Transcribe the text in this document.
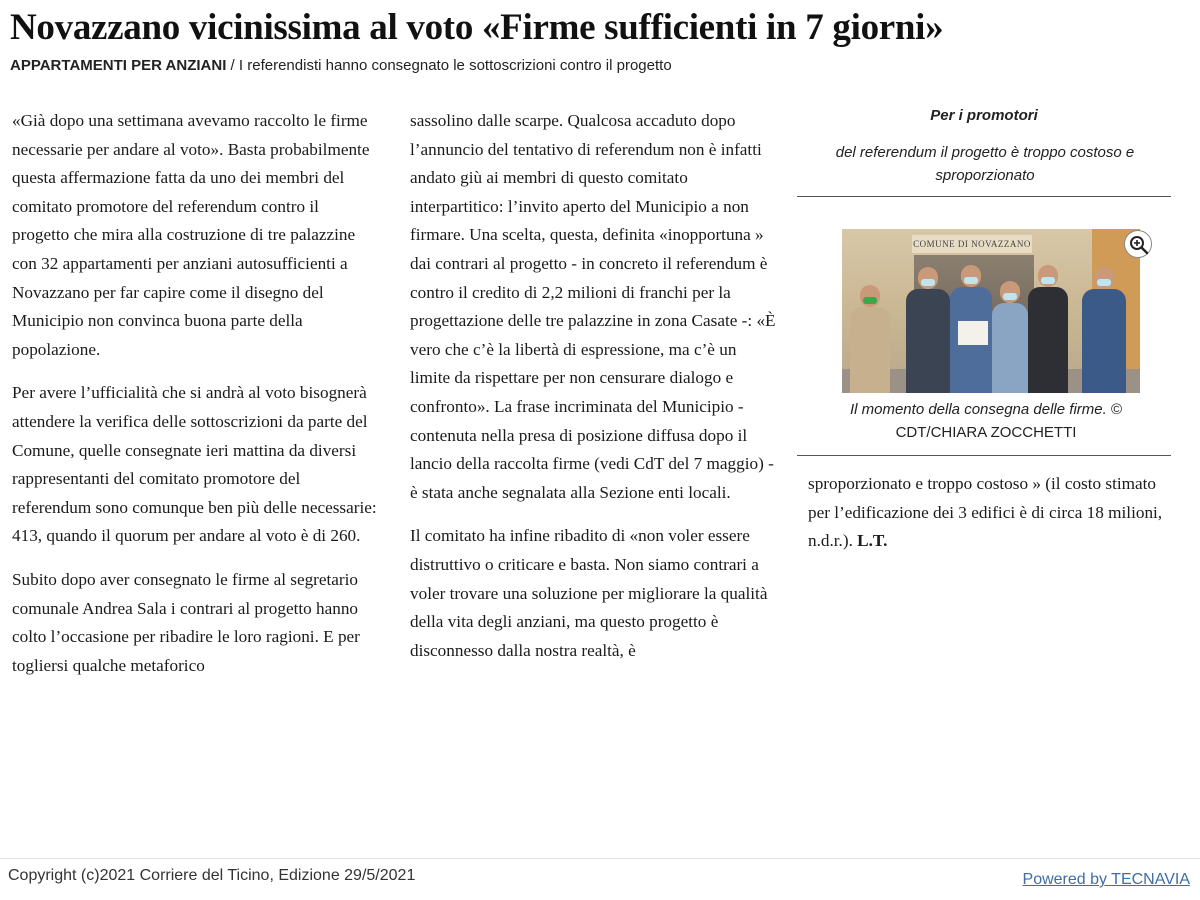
Novazzano vicinissima al voto «Firme sufficienti in 7 giorni»
APPARTAMENTI PER ANZIANI / I referendisti hanno consegnato le sottoscrizioni contro il progetto

«Già dopo una settimana avevamo raccolto le firme necessarie per andare al voto». Basta probabilmente questa affermazione fatta da uno dei membri del comitato promotore del referendum contro il progetto che mira alla costruzione di tre palazzine con 32 appartamenti per anziani autosufficienti a Novazzano per far capire come il disegno del Municipio non convinca buona parte della popolazione.

Per avere l’ufficialità che si andrà al voto bisognerà attendere la verifica delle sottoscrizioni da parte del Comune, quelle consegnate ieri mattina da diversi rappresentanti del comitato promotore del referendum sono comunque ben più delle necessarie: 413, quando il quorum per andare al voto è di 260.

Subito dopo aver consegnato le firme al segretario comunale Andrea Sala i contrari al progetto hanno colto l’occasione per ribadire le loro ragioni. E per togliersi qualche metaforico

sassolino dalle scarpe. Qualcosa accaduto dopo l’annuncio del tentativo di referendum non è infatti andato giù ai membri di questo comitato interpartitico: l’invito aperto del Municipio a non firmare. Una scelta, questa, definita «inopportuna » dai contrari al progetto - in concreto il referendum è contro il credito di 2,2 milioni di franchi per la progettazione delle tre palazzine in zona Casate -: «È vero che c’è la libertà di espressione, ma c’è un limite da rispettare per non censurare dialogo e confronto». La frase incriminata del Municipio - contenuta nella presa di posizione diffusa dopo il lancio della raccolta firme (vedi CdT del 7 maggio) - è stata anche segnalata alla Sezione enti locali.

Il comitato ha infine ribadito di «non voler essere distruttivo o criticare e basta. Non siamo contrari a voler trovare una soluzione per migliorare la qualità della vita degli anziani, ma questo progetto è disconnesso dalla nostra realtà, è

Per i promotori
del referendum il progetto è troppo costoso e sproporzionato
COMUNE DI NOVAZZANO
Il momento della consegna delle firme. © CDT/CHIARA ZOCCHETTI

sproporzionato e troppo costoso » (il costo stimato per l’edificazione dei 3 edifici è di circa 18 milioni, n.d.r.). L.T.

Copyright (c)2021 Corriere del Ticino, Edizione 29/5/2021	Powered by TECNAVIA
